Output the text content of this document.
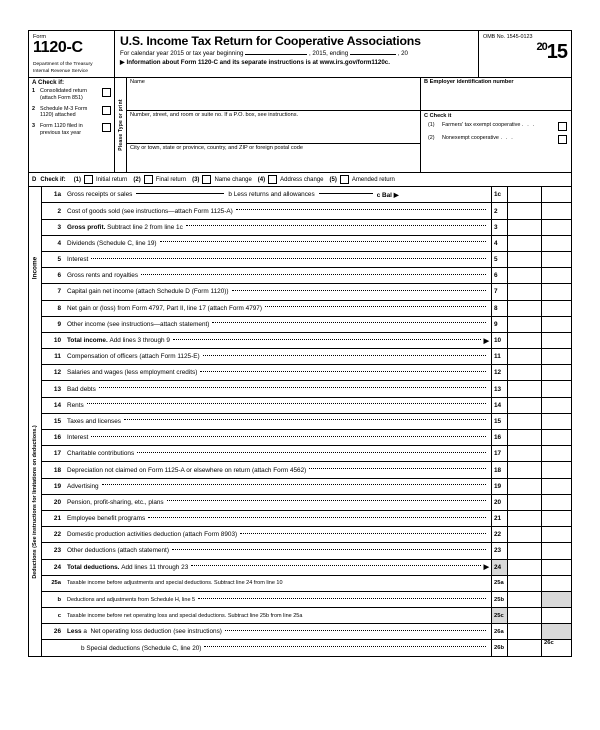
Form
1120-C
Department of the Treasury
Internal Revenue Service
U.S. Income Tax Return for Cooperative Associations
For calendar year 2015 or tax year beginning	, 2015, ending	, 20
▶ Information about Form 1120-C and its separate instructions is at www.irs.gov/form1120c.
OMB No. 1545-0123
$^{20}$15
A Check if:
1 Consolidated return (attach Form 851)
2 Schedule M-3 Form 1120) attached
3 Form 1120 filed in previous tax year	Please Type or print
Name
Number, street, and room or suite no. If a P.O. box, see instructions.
City or town, state or province, country, and ZIP or foreign postal code
B Employer identification number
C Check it
(1)	Farmers' tax exempt cooperative . . .
(2)	Nonexempt cooperative . . .
D Check if: (1)	Initial return (2)	Final return (3)	Name change (4)	Address change (5)	Amended return
Income
1a Gross receipts or sales	b Less returns and allowances	c Bal ▶	1c
2 Cost of goods sold (see instructions—attach Form 1125-A)	2
3 Gross profit. Subtract line 2 from line 1c	3
4 Dividends (Schedule C, line 19)	4
5 Interest	5
6 Gross rents and royalties	6
7 Capital gain net income (attach Schedule D (Form 1120))	7
8 Net gain or (loss) from Form 4797, Part II, line 17 (attach Form 4797)	8
9 Other income (see instructions—attach statement)	9
10 Total income. Add lines 3 through 9	▶ 10
Deductions (See instructions for limitations on deductions.)
11 Compensation of officers (attach Form 1125-E)	11
12 Salaries and wages (less employment credits)	12
13 Bad debts	13
14 Rents	14
15 Taxes and licenses	15
16 Interest	16
17 Charitable contributions	17
18 Depreciation not claimed on Form 1125-A or elsewhere on return (attach Form 4562)	18
19 Advertising	19
20 Pension, profit-sharing, etc., plans	20
21 Employee benefit programs	21
22 Domestic production activities deduction (attach Form 8903)	22
23 Other deductions (attach statement)	23
24 Total deductions. Add lines 11 through 23	▶ 24
25a	Taxable income before adjustments and special deductions. Subtract line 24 from line 10	25a
b	Deductions and adjustments from Schedule H, line 5	25b
c	Taxable income before net operating loss and special deductions. Subtract line 25b from line 25a	25c
26 Less a  Net operating loss deduction (see instructions)	26a
b Special deductions (Schedule C, line 20)	26b
26c
